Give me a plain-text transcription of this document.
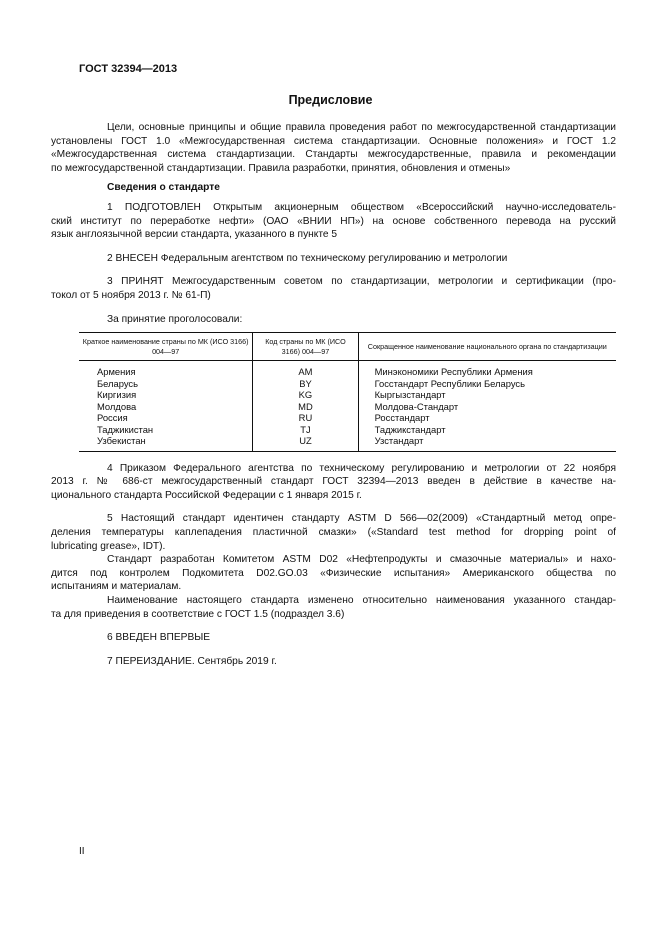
ГОСТ 32394—2013
Предисловие
Цели, основные принципы и общие правила проведения работ по межгосударственной стандартизации
установлены ГОСТ 1.0 «Межгосударственная система стандартизации. Основные положения» и ГОСТ 1.2
«Межгосударственная система стандартизации. Стандарты межгосударственные, правила и рекомендации
по межгосударственной стандартизации. Правила разработки, принятия, обновления и отмены»
Сведения о стандарте
1 ПОДГОТОВЛЕН Открытым акционерным обществом «Всероссийский научно-исследователь-
ский институт по переработке нефти» (ОАО «ВНИИ НП») на основе собственного перевода на русский
язык англоязычной версии стандарта, указанного в пункте 5
2 ВНЕСЕН Федеральным агентством по техническому регулированию и метрологии
3 ПРИНЯТ Межгосударственным советом по стандартизации, метрологии и сертификации (про-
токол от 5 ноября 2013 г. № 61-П)
За принятие проголосовали:
Краткое наименование страны по МК (ИСО 3166) 004—97	Код страны по МК (ИСО 3166) 004—97	Сокращенное наименование национального органа по стандартизации
Армения	AM	Минэкономики Республики Армения
Беларусь	BY	Госстандарт Республики Беларусь
Киргизия	KG	Кыргызстандарт
Молдова	MD	Молдова-Стандарт
Россия	RU	Росстандарт
Таджикистан	TJ	Таджикстандарт
Узбекистан	UZ	Узстандарт
4 Приказом Федерального агентства по техническому регулированию и метрологии от 22 ноября
2013 г. № 686-ст межгосударственный стандарт ГОСТ 32394—2013 введен в действие в качестве на-
ционального стандарта Российской Федерации с 1 января 2015 г.
5 Настоящий стандарт идентичен стандарту ASTM D 566—02(2009) «Стандартный метод опре-
деления температуры каплепадения пластичной смазки» («Standard test method for dropping point of
lubricating grease», IDT).
Стандарт разработан Комитетом ASTM D02 «Нефтепродукты и смазочные материалы» и нахо-
дится под контролем Подкомитета D02.GO.03 «Физические испытания» Американского общества по
испытаниям и материалам.
Наименование настоящего стандарта изменено относительно наименования указанного стандар-
та для приведения в соответствие с ГОСТ 1.5 (подраздел 3.6)
6 ВВЕДЕН ВПЕРВЫЕ
7 ПЕРЕИЗДАНИЕ. Сентябрь 2019 г.
II
